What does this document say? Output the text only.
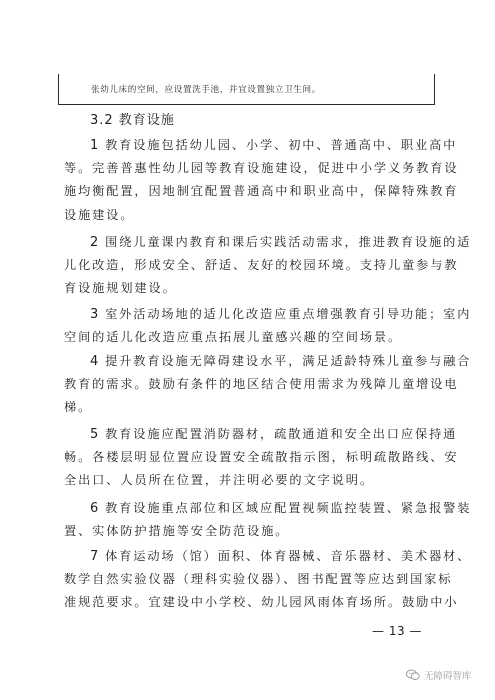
张幼儿床的空间，应设置洗手池，并宜设置独立卫生间。
3.2 教育设施

1 教育设施包括幼儿园、小学、初中、普通高中、职业高中
等。完善普惠性幼儿园等教育设施建设，促进中小学义务教育设
施均衡配置，因地制宜配置普通高中和职业高中，保障特殊教育
设施建设。

2 围绕儿童课内教育和课后实践活动需求，推进教育设施的适
儿化改造，形成安全、舒适、友好的校园环境。支持儿童参与教
育设施规划建设。

3 室外活动场地的适儿化改造应重点增强教育引导功能；室内
空间的适儿化改造应重点拓展儿童感兴趣的空间场景。

4 提升教育设施无障碍建设水平，满足适龄特殊儿童参与融合
教育的需求。鼓励有条件的地区结合使用需求为残障儿童增设电
梯。

5 教育设施应配置消防器材，疏散通道和安全出口应保持通
畅。各楼层明显位置应设置安全疏散指示图，标明疏散路线、安
全出口、人员所在位置，并注明必要的文字说明。

6 教育设施重点部位和区域应配置视频监控装置、紧急报警装
置、实体防护措施等安全防范设施。

7 体育运动场（馆）面积、体育器械、音乐器材、美术器材、
数学自然实验仪器（理科实验仪器）、图书配置等应达到国家标
准规范要求。宜建设中小学校、幼儿园风雨体育场所。鼓励中小

— 13 —
无障碍智库
